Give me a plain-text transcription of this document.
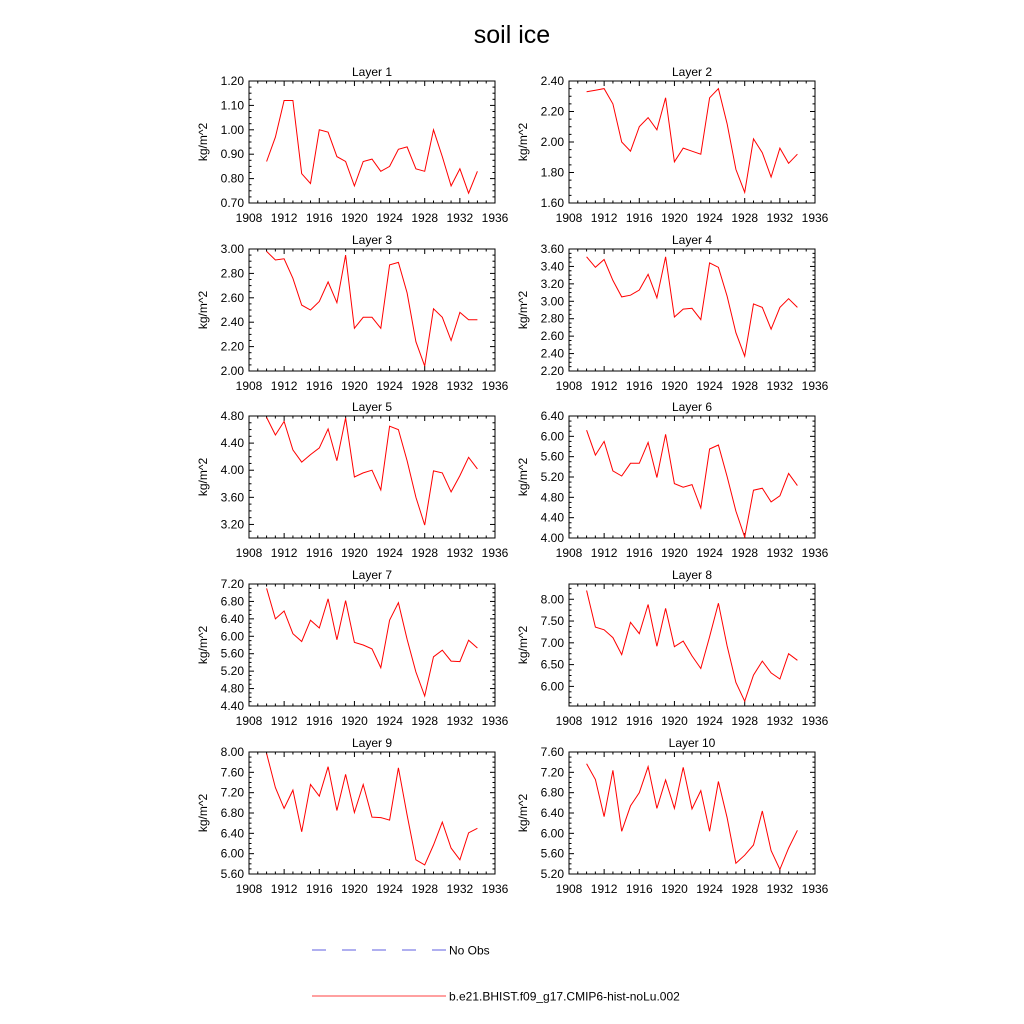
soil ice
Layer 1
kg/m^2
1908 1912 1916 1920 1924 1928 1932 1936
0.70
0.80
0.90
1.00
1.10
1.20
Layer 2
kg/m^2
1908 1912 1916 1920 1924 1928 1932 1936
1.60
1.80
2.00
2.20
2.40
Layer 3
kg/m^2
1908 1912 1916 1920 1924 1928 1932 1936
2.00
2.20
2.40
2.60
2.80
3.00
Layer 4
kg/m^2
1908 1912 1916 1920 1924 1928 1932 1936
2.20
2.40
2.60
2.80
3.00
3.20
3.40
3.60
Layer 5
kg/m^2
1908 1912 1916 1920 1924 1928 1932 1936
3.20
3.60
4.00
4.40
4.80
Layer 6
kg/m^2
1908 1912 1916 1920 1924 1928 1932 1936
4.00
4.40
4.80
5.20
5.60
6.00
6.40
Layer 7
kg/m^2
1908 1912 1916 1920 1924 1928 1932 1936
4.40
4.80
5.20
5.60
6.00
6.40
6.80
7.20
Layer 8
kg/m^2
1908 1912 1916 1920 1924 1928 1932 1936
6.00
6.50
7.00
7.50
8.00
Layer 9
kg/m^2
1908 1912 1916 1920 1924 1928 1932 1936
5.60
6.00
6.40
6.80
7.20
7.60
8.00
Layer 10
kg/m^2
1908 1912 1916 1920 1924 1928 1932 1936
5.20
5.60
6.00
6.40
6.80
7.20
7.60
No Obs
b.e21.BHIST.f09_g17.CMIP6-hist-noLu.002
